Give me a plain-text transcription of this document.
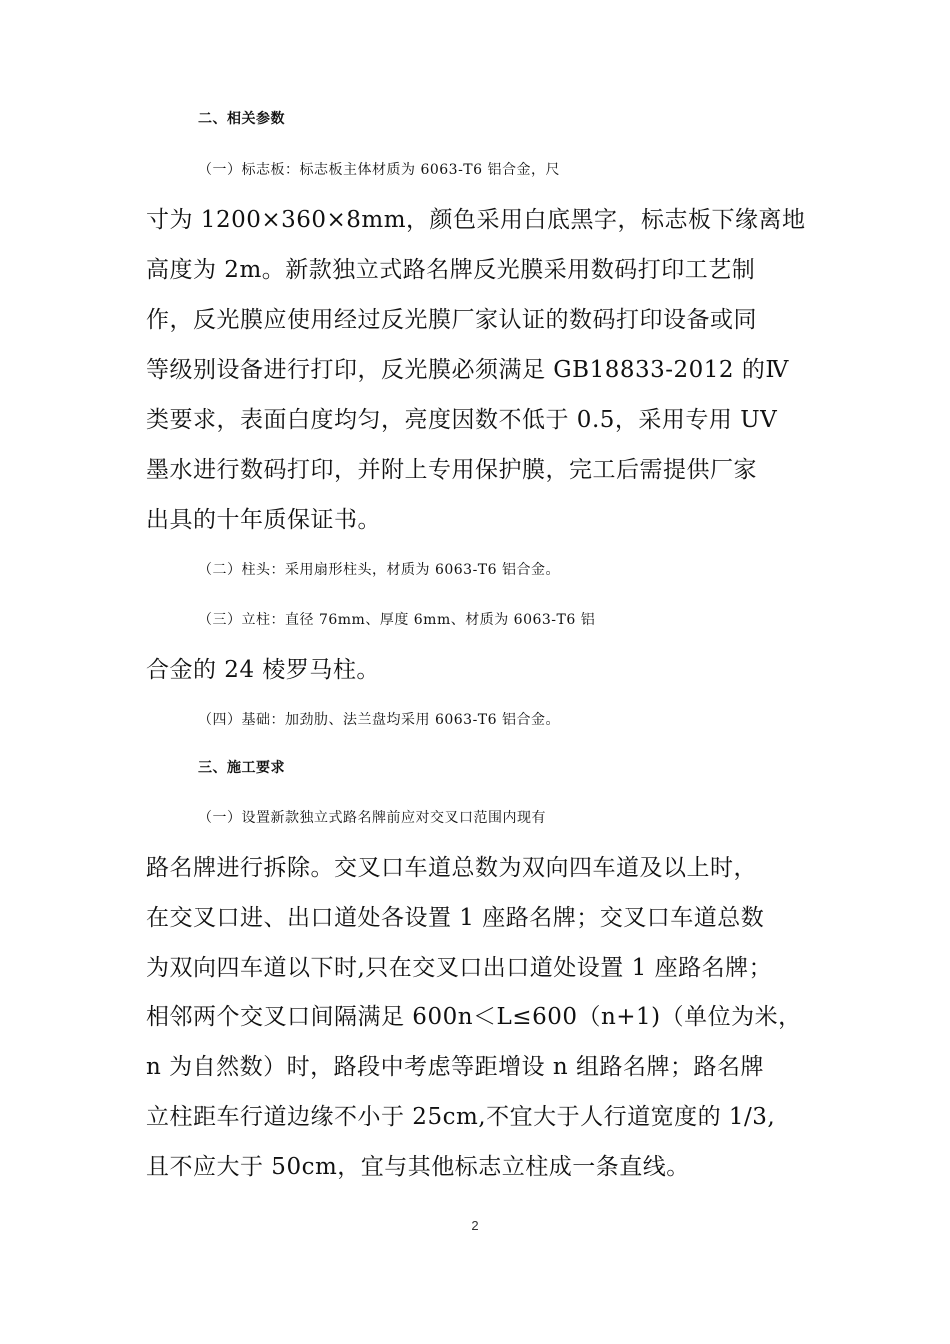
二、相关参数
（一）标志板：标志板主体材质为 6063-T6 铝合金，尺
寸为 1200×360×8mm，颜色采用白底黑字，标志板下缘离地
高度为 2m。新款独立式路名牌反光膜采用数码打印工艺制
作，反光膜应使用经过反光膜厂家认证的数码打印设备或同
等级别设备进行打印，反光膜必须满足 GB18833-2012 的Ⅳ
类要求，表面白度均匀，亮度因数不低于 0.5，采用专用 UV
墨水进行数码打印，并附上专用保护膜，完工后需提供厂家
出具的十年质保证书。
（二）柱头：采用扇形柱头，材质为 6063-T6 铝合金。
（三）立柱：直径 76mm、厚度 6mm、材质为 6063-T6 铝
合金的 24 棱罗马柱。
（四）基础：加劲肋、法兰盘均采用 6063-T6 铝合金。
三、施工要求
（一）设置新款独立式路名牌前应对交叉口范围内现有
路名牌进行拆除。交叉口车道总数为双向四车道及以上时，
在交叉口进、出口道处各设置 1 座路名牌；交叉口车道总数
为双向四车道以下时,只在交叉口出口道处设置 1 座路名牌；
相邻两个交叉口间隔满足 600n＜L≤600（n+1)（单位为米，
n 为自然数）时，路段中考虑等距增设 n 组路名牌；路名牌
立柱距车行道边缘不小于 25cm,不宜大于人行道宽度的 1/3,
且不应大于 50cm，宜与其他标志立柱成一条直线。
2
